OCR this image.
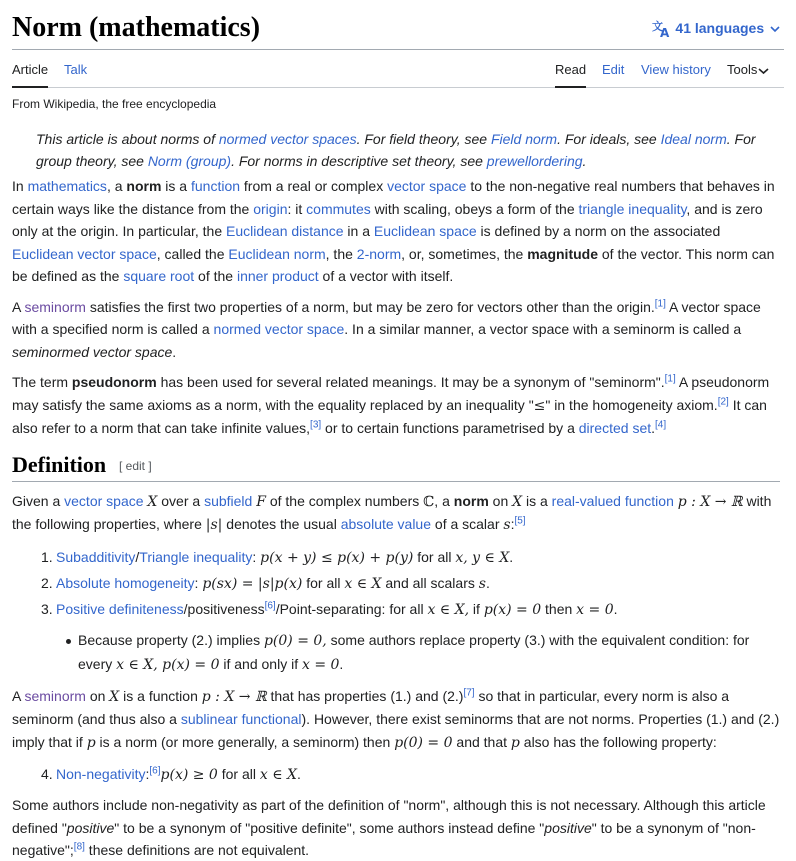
Norm (mathematics)	文
A 41 languages
Article Talk	Read Edit View history Tools
From Wikipedia, the free encyclopedia
This article is about norms of normed vector spaces. For field theory, see Field norm. For ideals, see Ideal norm. For group theory, see Norm (group). For norms in descriptive set theory, see prewellordering.

In mathematics, a norm is a function from a real or complex vector space to the non-negative real numbers that behaves in certain ways like the distance from the origin: it commutes with scaling, obeys a form of the triangle inequality, and is zero only at the origin. In particular, the Euclidean distance in a Euclidean space is defined by a norm on the associated Euclidean vector space, called the Euclidean norm, the 2-norm, or, sometimes, the magnitude of the vector. This norm can be defined as the square root of the inner product of a vector with itself.

A seminorm satisfies the first two properties of a norm, but may be zero for vectors other than the origin.[1] A vector space with a specified norm is called a normed vector space. In a similar manner, a vector space with a seminorm is called a seminormed vector space.

The term pseudonorm has been used for several related meanings. It may be a synonym of "seminorm".[1] A pseudonorm may satisfy the same axioms as a norm, with the equality replaced by an inequality "≤" in the homogeneity axiom.[2] It can also refer to a norm that can take infinite values,[3] or to certain functions parametrised by a directed set.[4]

Definition [ edit ]

Given a vector space X over a subfield F of the complex numbers ℂ, a norm on X is a real-valued function p : X → ℝ with the following properties, where |s| denotes the usual absolute value of a scalar s:[5]

1. Subadditivity/Triangle inequality: p(x + y) ≤ p(x) + p(y) for all x, y ∈ X.
2. Absolute homogeneity: p(sx) = |s|p(x) for all x ∈ X and all scalars s.
3. Positive definiteness/positiveness[6]/Point-separating: for all x ∈ X, if p(x) = 0 then x = 0.
Because property (2.) implies p(0) = 0, some authors replace property (3.) with the equivalent condition: for every x ∈ X, p(x) = 0 if and only if x = 0.

A seminorm on X is a function p : X → ℝ that has properties (1.) and (2.)[7] so that in particular, every norm is also a seminorm (and thus also a sublinear functional). However, there exist seminorms that are not norms. Properties (1.) and (2.) imply that if p is a norm (or more generally, a seminorm) then p(0) = 0 and that p also has the following property:

4. Non-negativity:[6]p(x) ≥ 0 for all x ∈ X.

Some authors include non-negativity as part of the definition of "norm", although this is not necessary. Although this article defined "positive" to be a synonym of "positive definite", some authors instead define "positive" to be a synonym of "non-negative";[8] these definitions are not equivalent.
